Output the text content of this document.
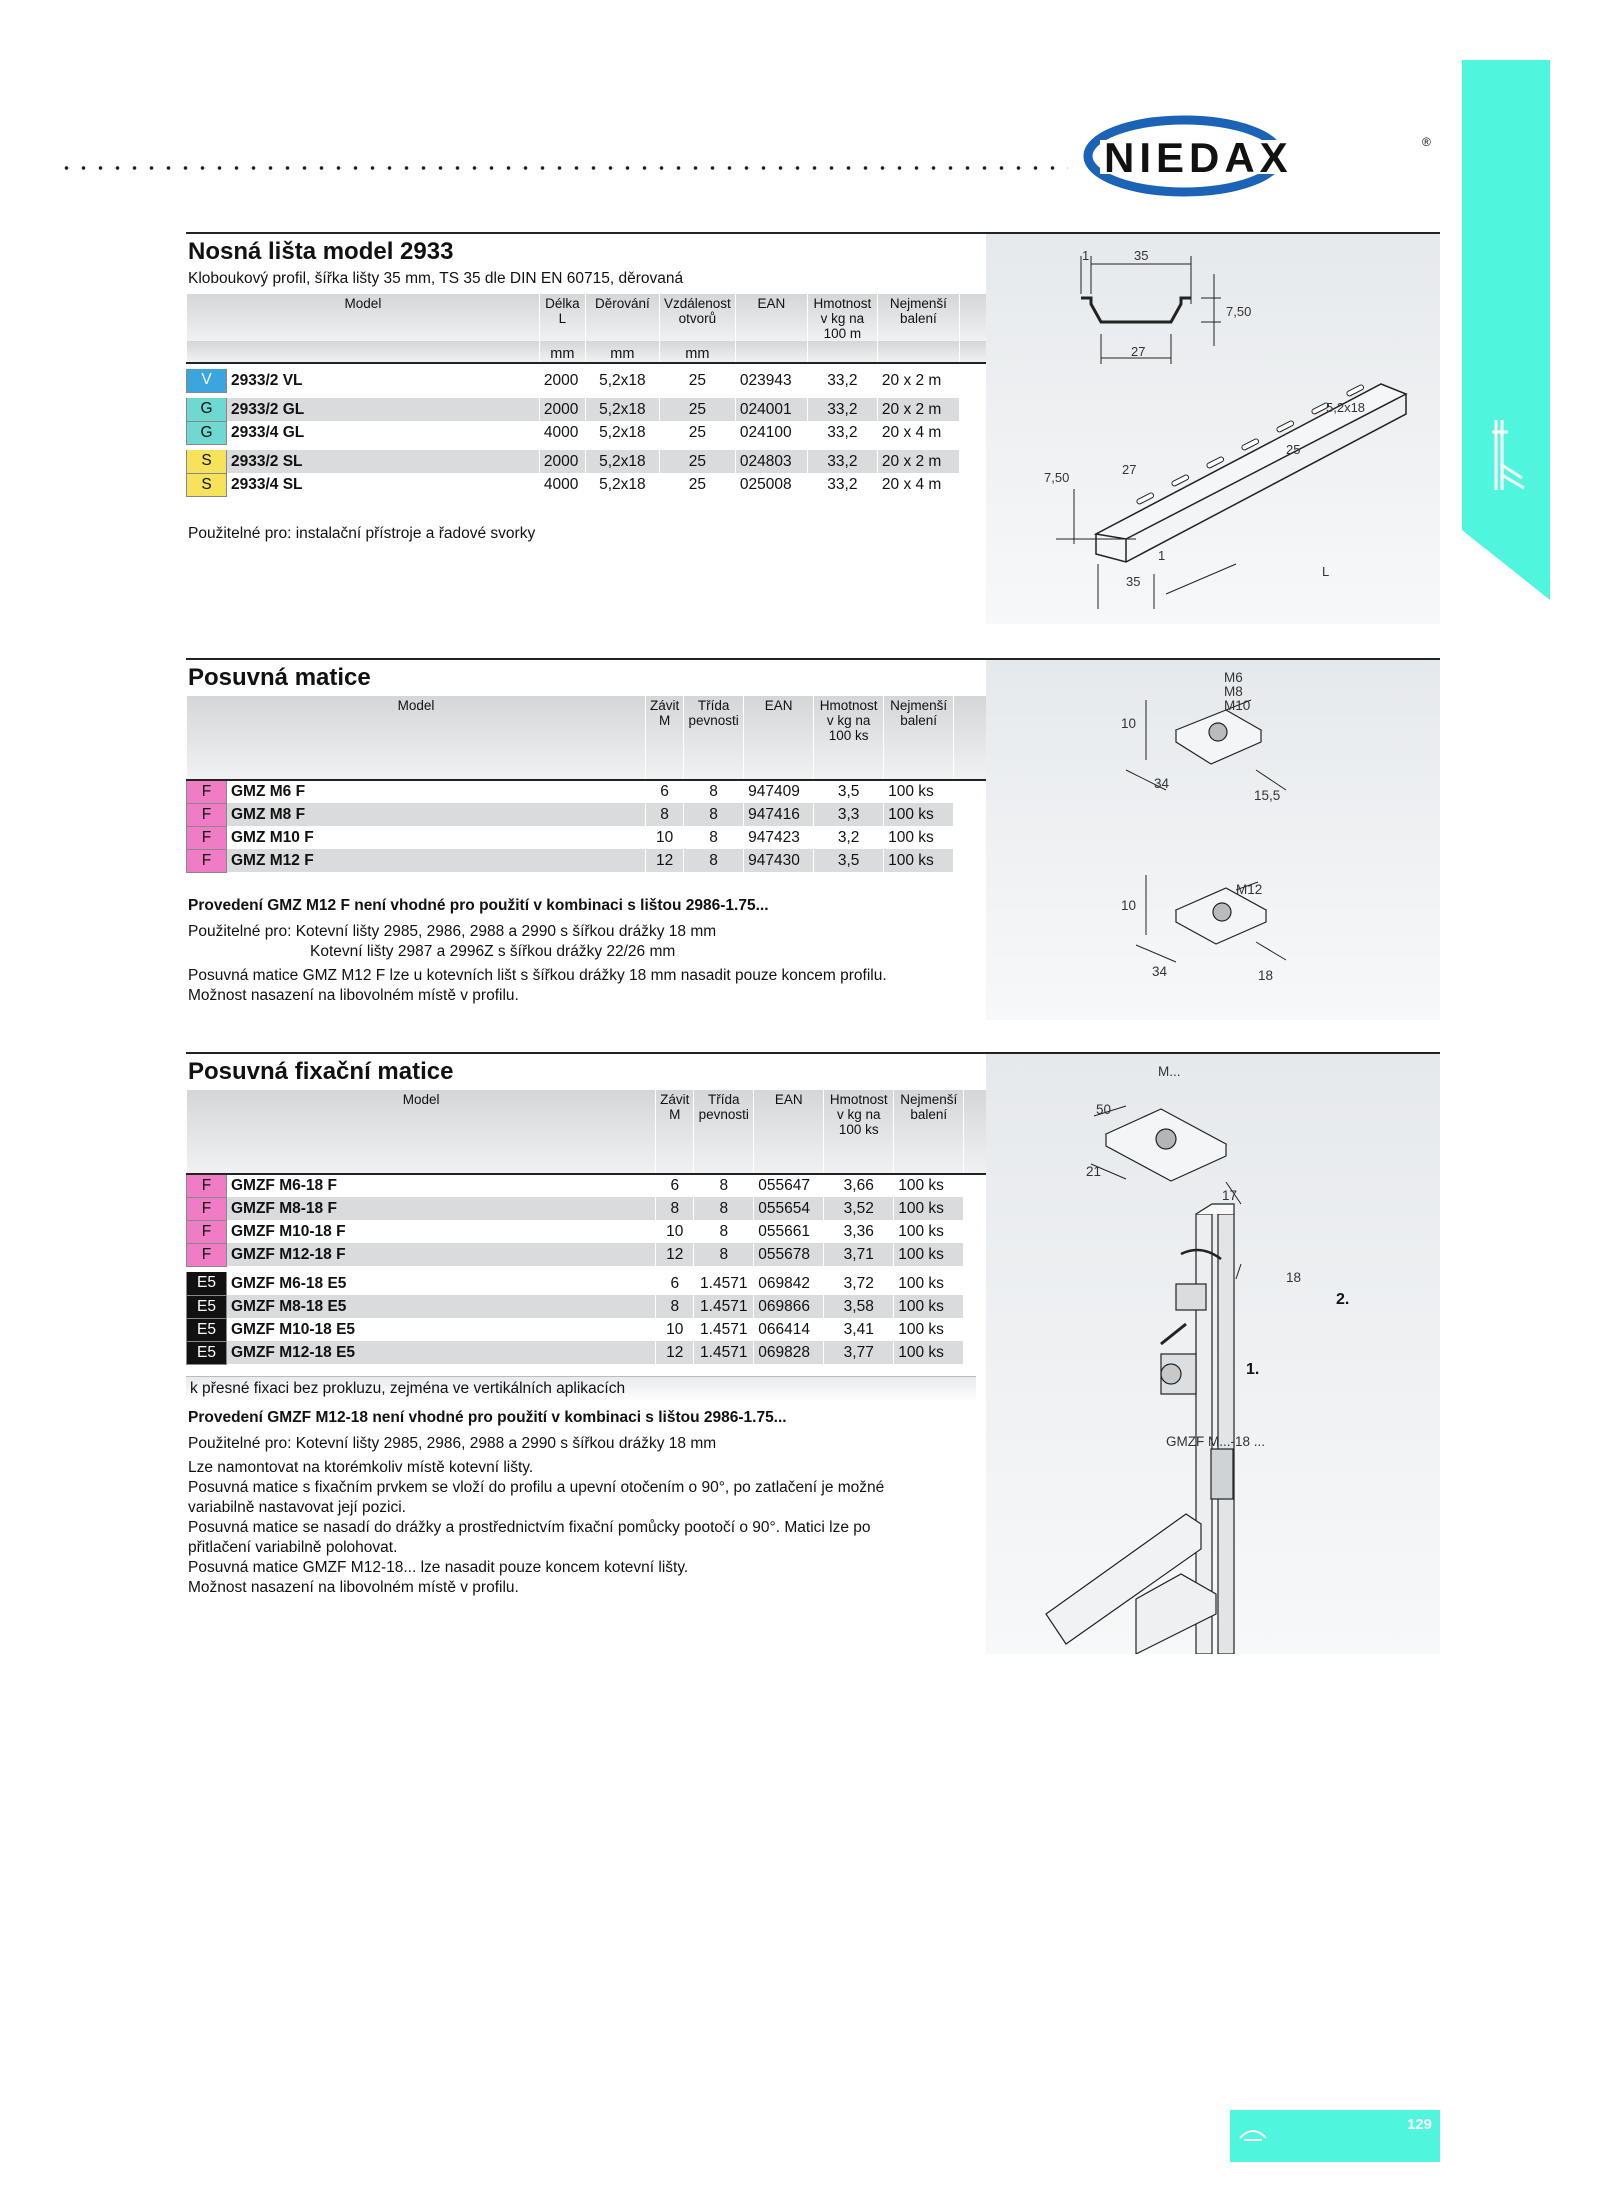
NIEDAX	®
Nosná lišta model 2933
Kloboukový profil, šířka lišty 35 mm, TS 35 dle DIN EN 60715, děrovaná
Model		Délka L	Děrování	Vzdálenost otvorů	EAN	Hmotnost v kg na 100 m	Nejmenší balení	
		mm	mm	mm				

V	2933/2 VL	2000	5,2x18	25	023943	33,2	20 x 2 m	

G	2933/2 GL	2000	5,2x18	25	024001	33,2	20 x 2 m	
G	2933/4 GL	4000	5,2x18	25	024100	33,2	20 x 4 m	

S	2933/2 SL	2000	5,2x18	25	024803	33,2	20 x 2 m	
S	2933/4 SL	4000	5,2x18	25	025008	33,2	20 x 4 m	
Použitelné pro: instalační přístroje a řadové svorky
1	35
7,50
27
5,2x18
25
27
7,50
1
35
L
Posuvná matice
Model		Závit M	Třída pevnosti	EAN	Hmotnost v kg na 100 ks	Nejmenší balení	
F	GMZ M6 F	6	8	947409	3,5	100 ks	
F	GMZ M8 F	8	8	947416	3,3	100 ks	
F	GMZ M10 F	10	8	947423	3,2	100 ks	
F	GMZ M12 F	12	8	947430	3,5	100 ks	
Provedení GMZ M12 F není vhodné pro použití v kombinaci s lištou 2986-1.75...
Použitelné pro: Kotevní lišty 2985, 2986, 2988 a 2990 s šířkou drážky 18 mm
Kotevní lišty 2987 a 2996Z s šířkou drážky 22/26 mm
Posuvná matice GMZ M12 F lze u kotevních lišt s šířkou drážky 18 mm nasadit pouze koncem profilu.
Možnost nasazení na libovolném místě v profilu.
M6
M8
M10
10
34
15,5
M12
10
34	18
Posuvná fixační matice
Model		Závit M	Třída pevnosti	EAN	Hmotnost v kg na 100 ks	Nejmenší balení	
F	GMZF M6-18 F	6	8	055647	3,66	100 ks	
F	GMZF M8-18 F	8	8	055654	3,52	100 ks	
F	GMZF M10-18 F	10	8	055661	3,36	100 ks	
F	GMZF M12-18 F	12	8	055678	3,71	100 ks	

E5	GMZF M6-18 E5	6	1.4571	069842	3,72	100 ks	
E5	GMZF M8-18 E5	8	1.4571	069866	3,58	100 ks	
E5	GMZF M10-18 E5	10	1.4571	066414	3,41	100 ks	
E5	GMZF M12-18 E5	12	1.4571	069828	3,77	100 ks	
k přesné fixaci bez prokluzu, zejména ve vertikálních aplikacích
Provedení GMZF M12-18 není vhodné pro použití v kombinaci s lištou 2986-1.75...
Použitelné pro: Kotevní lišty 2985, 2986, 2988 a 2990 s šířkou drážky 18 mm
Lze namontovat na ktorémkoliv místě kotevní lišty.
Posuvná matice s fixačním prvkem se vloží do profilu a upevní otočením o 90°, po zatlačení je možné
variabilně nastavovat její pozici.
Posuvná matice se nasadí do drážky a prostřednictvím fixační pomůcky pootočí o 90°. Matici lze po
přitlačení variabilně polohovat.
Posuvná matice GMZF M12-18... lze nasadit pouze koncem kotevní lišty.
Možnost nasazení na libovolném místě v profilu.
M...
50
21
17
18
2.
1.
GMZF M...-18 ...
129
